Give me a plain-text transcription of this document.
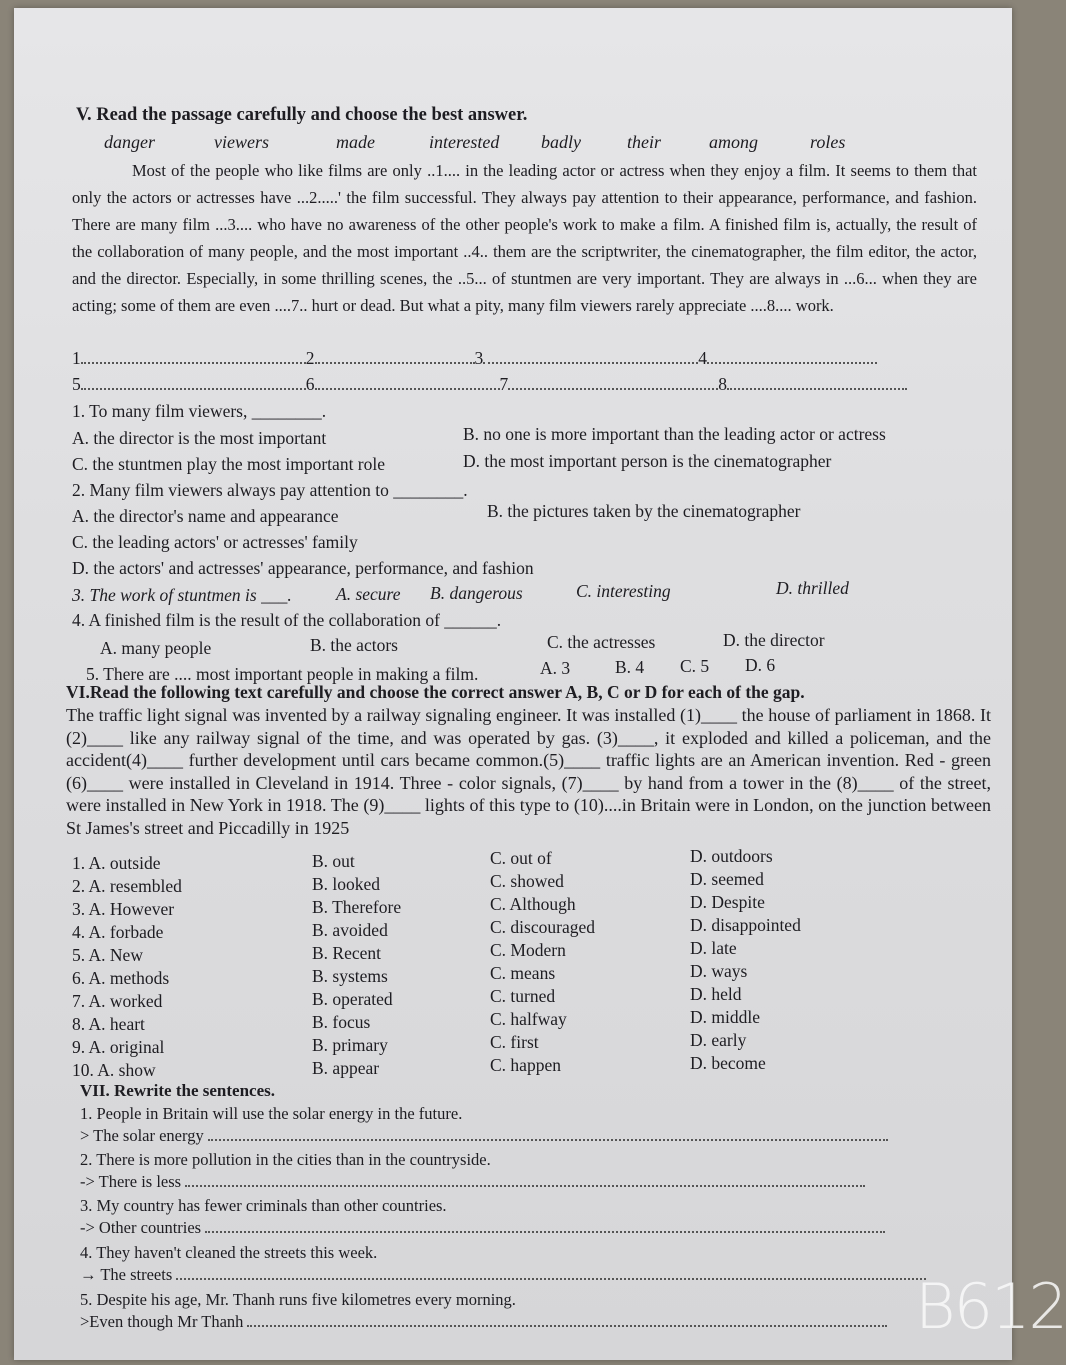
V. Read the passage carefully and choose the best answer.
danger	viewers	made	interested badly	their	among	roles
Most of the people who like films are only ..1.... in the leading actor or actress when they enjoy a film. It seems to them that only the actors or actresses have ...2.....' the film successful. They always pay attention to their appearance, performance, and fashion. There are many film ...3.... who have no awareness of the other people's work to make a film. A finished film is, actually, the result of the collaboration of many people, and the most important ..4.. them are the scriptwriter, the cinematographer, the film editor, the actor, and the director. Especially, in some thrilling scenes, the ..5... of stuntmen are very important. They are always in ...6... when they are acting; some of them are even ....7.. hurt or dead. But what a pity, many film viewers rarely appreciate ....8.... work.
1	2	3	4
5	6	7	8
1. To many film viewers, ________.
A. the director is the most important	B. no one is more important than the leading actor or actress
C. the stuntmen play the most important role	D. the most important person is the cinematographer
2. Many film viewers always pay attention to ________.
A. the director's name and appearance	B. the pictures taken by the cinematographer
C. the leading actors' or actresses' family
D. the actors' and actresses' appearance, performance, and fashion
3. The work of stuntmen is ___.	A. secure B. dangerous	C. interesting	D. thrilled
4. A finished film is the result of the collaboration of ______.
A. many people	B. the actors	C. the actresses	D. the director
5. There are .... most important people in making a film.	A. 3	B. 4 C. 5 D. 6
VI.Read the following text carefully and choose the correct answer A, B, C or D for each of the gap.
The traffic light signal was invented by a railway signaling engineer. It was installed (1)____ the house of parliament in 1868. It (2)____ like any railway signal of the time, and was operated by gas. (3)____, it exploded and killed a policeman, and the accident(4)____ further development until cars became common.(5)____ traffic lights are an American invention. Red - green (6)____ were installed in Cleveland in 1914. Three - color signals, (7)____ by hand from a tower in the (8)____ of the street, were installed in New York in 1918. The (9)____ lights of this type to (10)....in Britain were in London, on the junction between St James's street and Piccadilly in 1925
1. A. outside	B. out	C. out of	D. outdoors
2. A. resembled	B. looked	C. showed	D. seemed
3. A. However	B. Therefore	C. Although	D. Despite
4. A. forbade	B. avoided	C. discouraged	D. disappointed
5. A. New	B. Recent	C. Modern	D. late
6. A. methods	B. systems	C. means	D. ways
7. A. worked	B. operated	C. turned	D. held
8. A. heart	B. focus	C. halfway	D. middle
9. A. original	B. primary	C. first	D. early
10. A. show	B. appear	C. happen	D. become
VII. Rewrite the sentences.
1. People in Britain will use the solar energy in the future.
> The solar energy
2. There is more pollution in the cities than in the countryside.
-> There is less
3. My country has fewer criminals than other countries.
-> Other countries
4. They haven't cleaned the streets this week.
→ The streets
5. Despite his age, Mr. Thanh runs five kilometres every morning.
>Even though Mr Thanh	B612
